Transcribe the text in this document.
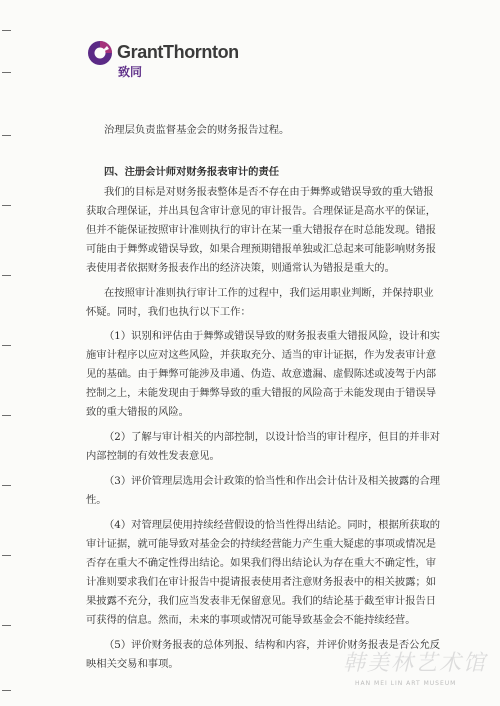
GrantThornton
致同
治理层负责监督基金会的财务报告过程。
四、注册会计师对财务报表审计的责任
我们的目标是对财务报表整体是否不存在由于舞弊或错误导致的重大错报
获取合理保证，并出具包含审计意见的审计报告。合理保证是高水平的保证，
但并不能保证按照审计准则执行的审计在某一重大错报存在时总能发现。错报
可能由于舞弊或错误导致，如果合理预期错报单独或汇总起来可能影响财务报
表使用者依据财务报表作出的经济决策，则通常认为错报是重大的。
在按照审计准则执行审计工作的过程中，我们运用职业判断，并保持职业
怀疑。同时，我们也执行以下工作：
（1）识别和评估由于舞弊或错误导致的财务报表重大错报风险，设计和实
施审计程序以应对这些风险，并获取充分、适当的审计证据，作为发表审计意
见的基础。由于舞弊可能涉及串通、伪造、故意遗漏、虚假陈述或凌驾于内部
控制之上，未能发现由于舞弊导致的重大错报的风险高于未能发现由于错误导
致的重大错报的风险。
（2）了解与审计相关的内部控制，以设计恰当的审计程序，但目的并非对
内部控制的有效性发表意见。
（3）评价管理层选用会计政策的恰当性和作出会计估计及相关披露的合理
性。
（4）对管理层使用持续经营假设的恰当性得出结论。同时，根据所获取的
审计证据，就可能导致对基金会的持续经营能力产生重大疑虑的事项或情况是
否存在重大不确定性得出结论。如果我们得出结论认为存在重大不确定性，审
计准则要求我们在审计报告中提请报表使用者注意财务报表中的相关披露；如
果披露不充分，我们应当发表非无保留意见。我们的结论基于截至审计报告日
可获得的信息。然而，未来的事项或情况可能导致基金会不能持续经营。
（5）评价财务报表的总体列报、结构和内容，并评价财务报表是否公允反
映相关交易和事项。	韩美林艺术馆
HAN MEI LIN ART MUSEUM
